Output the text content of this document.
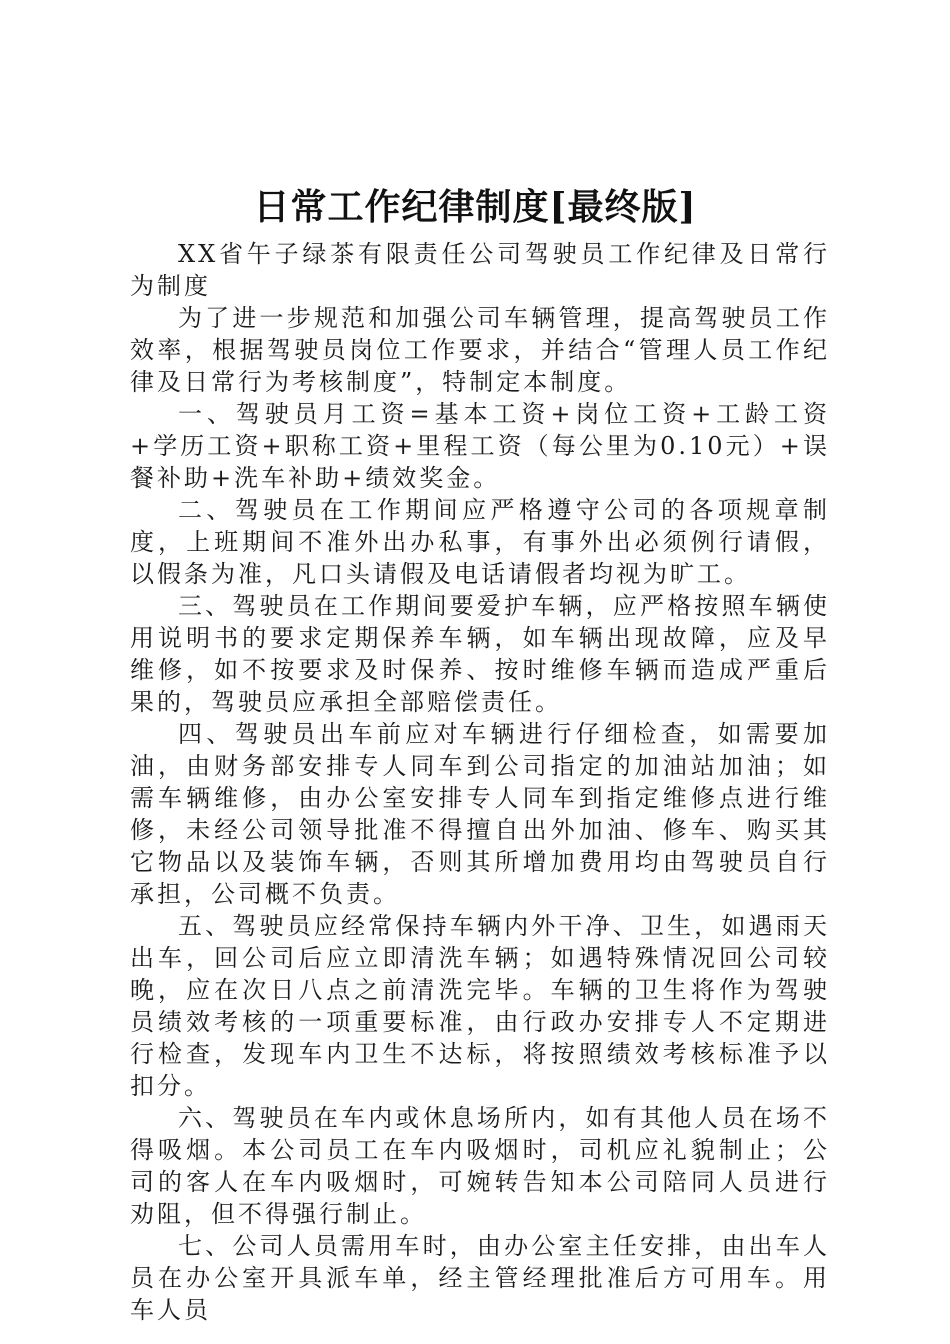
日常工作纪律制度[最终版]

XX省午子绿茶有限责任公司驾驶员工作纪律及日常行为制度

为了进一步规范和加强公司车辆管理，提高驾驶员工作效率，根据驾驶员岗位工作要求，并结合“管理人员工作纪律及日常行为考核制度”，特制定本制度。

一、驾驶员月工资=基本工资+岗位工资+工龄工资+学历工资+职称工资+里程工资（每公里为0.10元）+误餐补助+洗车补助+绩效奖金。

二、驾驶员在工作期间应严格遵守公司的各项规章制度，上班期间不准外出办私事，有事外出必须例行请假，以假条为准，凡口头请假及电话请假者均视为旷工。

三、驾驶员在工作期间要爱护车辆，应严格按照车辆使用说明书的要求定期保养车辆，如车辆出现故障，应及早维修，如不按要求及时保养、按时维修车辆而造成严重后果的，驾驶员应承担全部赔偿责任。

四、驾驶员出车前应对车辆进行仔细检查，如需要加油，由财务部安排专人同车到公司指定的加油站加油；如需车辆维修，由办公室安排专人同车到指定维修点进行维修，未经公司领导批准不得擅自出外加油、修车、购买其它物品以及装饰车辆，否则其所增加费用均由驾驶员自行承担，公司概不负责。

五、驾驶员应经常保持车辆内外干净、卫生，如遇雨天出车，回公司后应立即清洗车辆；如遇特殊情况回公司较晚，应在次日八点之前清洗完毕。车辆的卫生将作为驾驶员绩效考核的一项重要标准，由行政办安排专人不定期进行检查，发现车内卫生不达标，将按照绩效考核标准予以扣分。

六、驾驶员在车内或休息场所内，如有其他人员在场不得吸烟。本公司员工在车内吸烟时，司机应礼貌制止；公司的客人在车内吸烟时，可婉转告知本公司陪同人员进行劝阻，但不得强行制止。

七、公司人员需用车时，由办公室主任安排，由出车人员在办公室开具派车单，经主管经理批准后方可用车。用车人员
